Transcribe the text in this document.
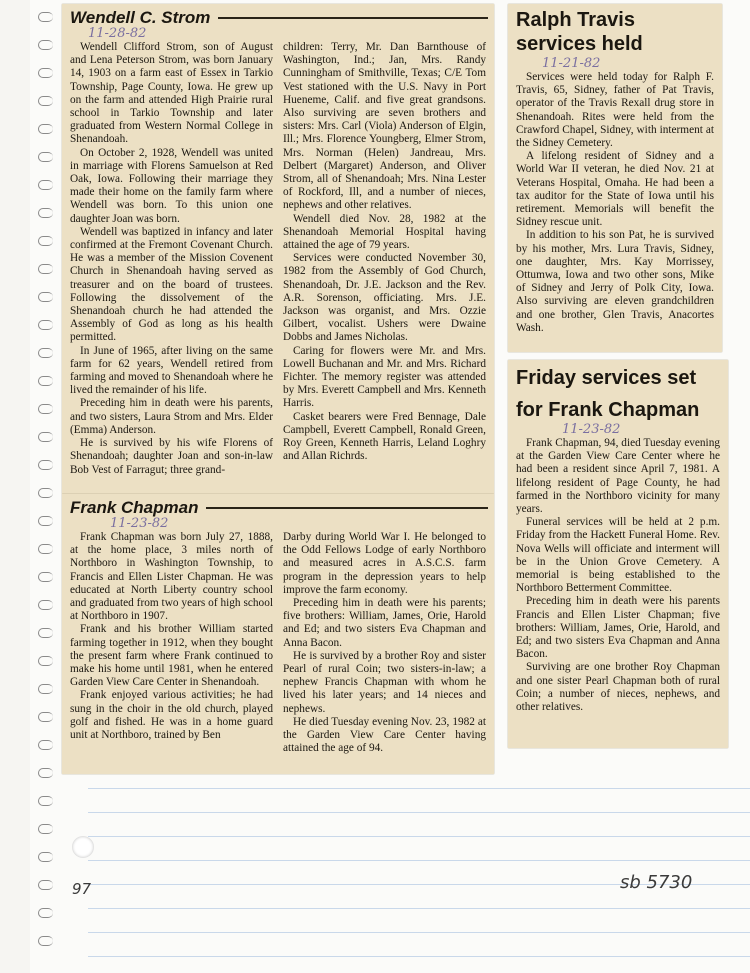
Wendell C. Strom
11-28-82

Wendell Clifford Strom, son of August and Lena Peterson Strom, was born January 14, 1903 on a farm east of Essex in Tarkio Township, Page County, Iowa. He grew up on the farm and attended High Prairie rural school in Tarkio Township and later graduated from Western Normal College in Shenandoah.

On October 2, 1928, Wendell was united in marriage with Florens Samuelson at Red Oak, Iowa. Following their marriage they made their home on the family farm where Wendell was born. To this union one daughter Joan was born.

Wendell was baptized in infancy and later confirmed at the Fremont Covenant Church. He was a member of the Mission Covenent Church in Shenandoah having served as treasurer and on the board of trustees. Following the dissolvement of the Shenandoah church he had attended the Assembly of God as long as his health permitted.

In June of 1965, after living on the same farm for 62 years, Wendell retired from farming and moved to Shenandoah where he lived the remainder of his life.

Preceding him in death were his parents, and two sisters, Laura Strom and Mrs. Elder (Emma) Anderson.

He is survived by his wife Florens of Shenandoah; daughter Joan and son-in-law Bob Vest of Farragut; three grand-

children: Terry, Mr. Dan Barnthouse of Washington, Ind.; Jan, Mrs. Randy Cunningham of Smithville, Texas; C/E Tom Vest stationed with the U.S. Navy in Port Hueneme, Calif. and five great grandsons. Also surviving are seven brothers and sisters: Mrs. Carl (Viola) Anderson of Elgin, Ill.; Mrs. Florence Youngberg, Elmer Strom, Mrs. Norman (Helen) Jandreau, Mrs. Delbert (Margaret) Anderson, and Oliver Strom, all of Shenandoah; Mrs. Nina Lester of Rockford, Ill, and a number of nieces, nephews and other relatives.

Wendell died Nov. 28, 1982 at the Shenandoah Memorial Hospital having attained the age of 79 years.

Services were conducted November 30, 1982 from the Assembly of God Church, Shenandoah, Dr. J.E. Jackson and the Rev. A.R. Sorenson, officiating. Mrs. J.E. Jackson was organist, and Mrs. Ozzie Gilbert, vocalist. Ushers were Dwaine Dobbs and James Nicholas.

Caring for flowers were Mr. and Mrs. Lowell Buchanan and Mr. and Mrs. Richard Fichter. The memory register was attended by Mrs. Everett Campbell and Mrs. Kenneth Harris.

Casket bearers were Fred Bennage, Dale Campbell, Everett Campbell, Ronald Green, Roy Green, Kenneth Harris, Leland Loghry and Allan Richrds.

Frank Chapman
11-23-82

Frank Chapman was born July 27, 1888, at the home place, 3 miles north of Northboro in Washington Township, to Francis and Ellen Lister Chapman. He was educated at North Liberty country school and graduated from two years of high school at Northboro in 1907.

Frank and his brother William started farming together in 1912, when they bought the present farm where Frank continued to make his home until 1981, when he entered Garden View Care Center in Shenandoah.

Frank enjoyed various activities; he had sung in the choir in the old church, played golf and fished. He was in a home guard unit at Northboro, trained by Ben

Darby during World War I. He belonged to the Odd Fellows Lodge of early Northboro and measured acres in A.S.C.S. farm program in the depression years to help improve the farm economy.

Preceding him in death were his parents; five brothers: William, James, Orie, Harold and Ed; and two sisters Eva Chapman and Anna Bacon.

He is survived by a brother Roy and sister Pearl of rural Coin; two sisters-in-law; a nephew Francis Chapman with whom he lived his later years; and 14 nieces and nephews.

He died Tuesday evening Nov. 23, 1982 at the Garden View Care Center having attained the age of 94.

Ralph Travis
services held
11-21-82

Services were held today for Ralph F. Travis, 65, Sidney, father of Pat Travis, operator of the Travis Rexall drug store in Shenandoah. Rites were held from the Crawford Chapel, Sidney, with interment at the Sidney Cemetery.

A lifelong resident of Sidney and a World War II veteran, he died Nov. 21 at Veterans Hospital, Omaha. He had been a tax auditor for the State of Iowa until his retirement. Memorials will benefit the Sidney rescue unit.

In addition to his son Pat, he is survived by his mother, Mrs. Lura Travis, Sidney, one daughter, Mrs. Kay Morrissey, Ottumwa, Iowa and two other sons, Mike of Sidney and Jerry of Polk City, Iowa. Also surviving are eleven grandchildren and one brother, Glen Travis, Anacortes Wash.

Friday services set
for Frank Chapman
11-23-82

Frank Chapman, 94, died Tuesday evening at the Garden View Care Center where he had been a resident since April 7, 1981. A lifelong resident of Page County, he had farmed in the Northboro vicinity for many years.

Funeral services will be held at 2 p.m. Friday from the Hackett Funeral Home. Rev. Nova Wells will officiate and interment will be in the Union Grove Cemetery. A memorial is being established to the Northboro Betterment Committee.

Preceding him in death were his parents Francis and Ellen Lister Chapman; five brothers: William, James, Orie, Harold, and Ed; and two sisters Eva Chapman and Anna Bacon.

Surviving are one brother Roy Chapman and one sister Pearl Chapman both of rural Coin; a number of nieces, nephews, and other relatives.

97	sb 5730
